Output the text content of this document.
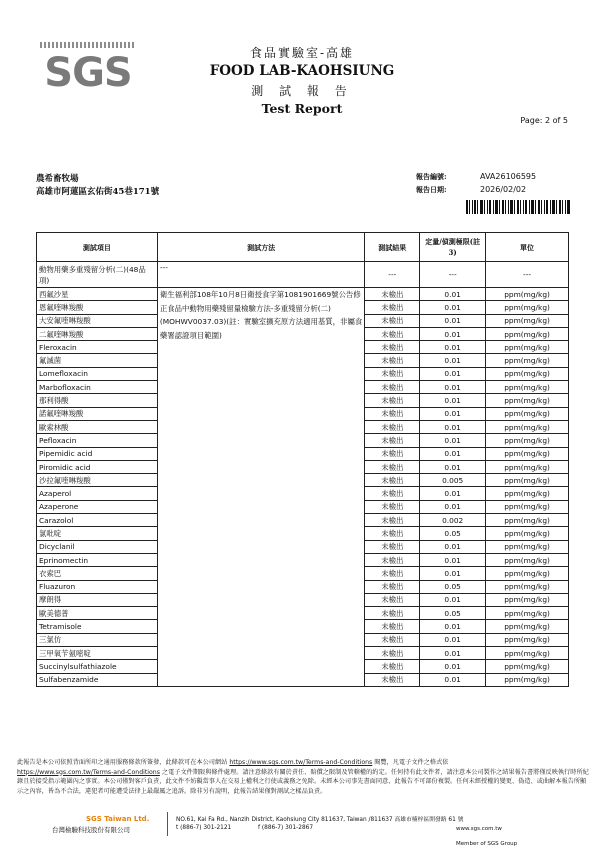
SGS	食品實驗室-高雄
FOOD LAB-KAOHSIUNG
測 試 報 告
Test Report
Page: 2 of 5
農希畜牧場
高雄市阿蓮區玄佑街45巷171號
報告編號:	AVA26106595
報告日期:	2026/02/02
測試項目	測試方法	測試結果	定量/偵測極限(註3)	單位
動物用藥多重殘留分析(二)(48品項)	---	---	---	---
西氟沙星	衛生福利部108年10月8日衛授食字第1081901669號公告修正食品中動物用藥殘留量檢驗方法-多重殘留分析(二)(MOHWV0037.03)(註：實驗室擴充原方法適用基質，非屬食藥署認證項目範圍)	未檢出	0.01	ppm(mg/kg)
恩氟喹啉羧酸		未檢出	0.01	ppm(mg/kg)
大安氟喹啉羧酸		未檢出	0.01	ppm(mg/kg)
二氟喹啉羧酸		未檢出	0.01	ppm(mg/kg)
Fleroxacin		未檢出	0.01	ppm(mg/kg)
氟滅菌		未檢出	0.01	ppm(mg/kg)
Lomefloxacin		未檢出	0.01	ppm(mg/kg)
Marbofloxacin		未檢出	0.01	ppm(mg/kg)
那利得酸		未檢出	0.01	ppm(mg/kg)
諾氟喹啉羧酸		未檢出	0.01	ppm(mg/kg)
歐索林酸		未檢出	0.01	ppm(mg/kg)
Pefloxacin		未檢出	0.01	ppm(mg/kg)
Pipemidic acid		未檢出	0.01	ppm(mg/kg)
Piromidic acid		未檢出	0.01	ppm(mg/kg)
沙拉氟喹啉羧酸		未檢出	0.005	ppm(mg/kg)
Azaperol		未檢出	0.01	ppm(mg/kg)
Azaperone		未檢出	0.01	ppm(mg/kg)
Carazolol		未檢出	0.002	ppm(mg/kg)
氯吡啶		未檢出	0.05	ppm(mg/kg)
Dicyclanil		未檢出	0.01	ppm(mg/kg)
Eprinomectin		未檢出	0.01	ppm(mg/kg)
衣索巴		未檢出	0.01	ppm(mg/kg)
Fluazuron		未檢出	0.05	ppm(mg/kg)
摩朗得		未檢出	0.01	ppm(mg/kg)
歐美德普		未檢出	0.05	ppm(mg/kg)
Tetramisole		未檢出	0.01	ppm(mg/kg)
三氯仿		未檢出	0.01	ppm(mg/kg)
三甲氧苄氨嘧啶		未檢出	0.01	ppm(mg/kg)
Succinylsulfathiazole		未檢出	0.01	ppm(mg/kg)
Sulfabenzamide		未檢出	0.01	ppm(mg/kg)
此報告是本公司依照背面所印之通用服務條款所簽發，此條款可在本公司網站 https://www.sgs.com.tw/Terms-and-Conditions 閱覽，凡電子文件之格式依
https://www.sgs.com.tw/Terms-and-Conditions 之電子文件期限與條件處理。請注意條款有關於責任、賠償之限制及管轄權的約定。任何持有此文件者，請注意本公司製作之結果報告書將僅反映執行時所紀錄且於接受指示範圍內之事實。本公司僅對客戶負責，此文件不妨礙當事人在交易上權利之行使或義務之免除。未經本公司事先書面同意，此報告不可部份複製。任何未經授權的變更、偽造、或曲解本報告所顯示之內容，皆為不合法，違犯者可能遭受法律上最嚴厲之追訴。除非另有說明，此報告結果僅對測試之樣品負責。
SGS Taiwan Ltd.
台灣檢驗科技股份有限公司
NO.61, Kai Fa Rd., Nanzih District, Kaohsiung City 811637, Taiwan /811637 高雄市楠梓區開發路 61 號
t (886-7) 301-2121	f (886-7) 301-2867	www.sgs.com.tw
Member of SGS Group
